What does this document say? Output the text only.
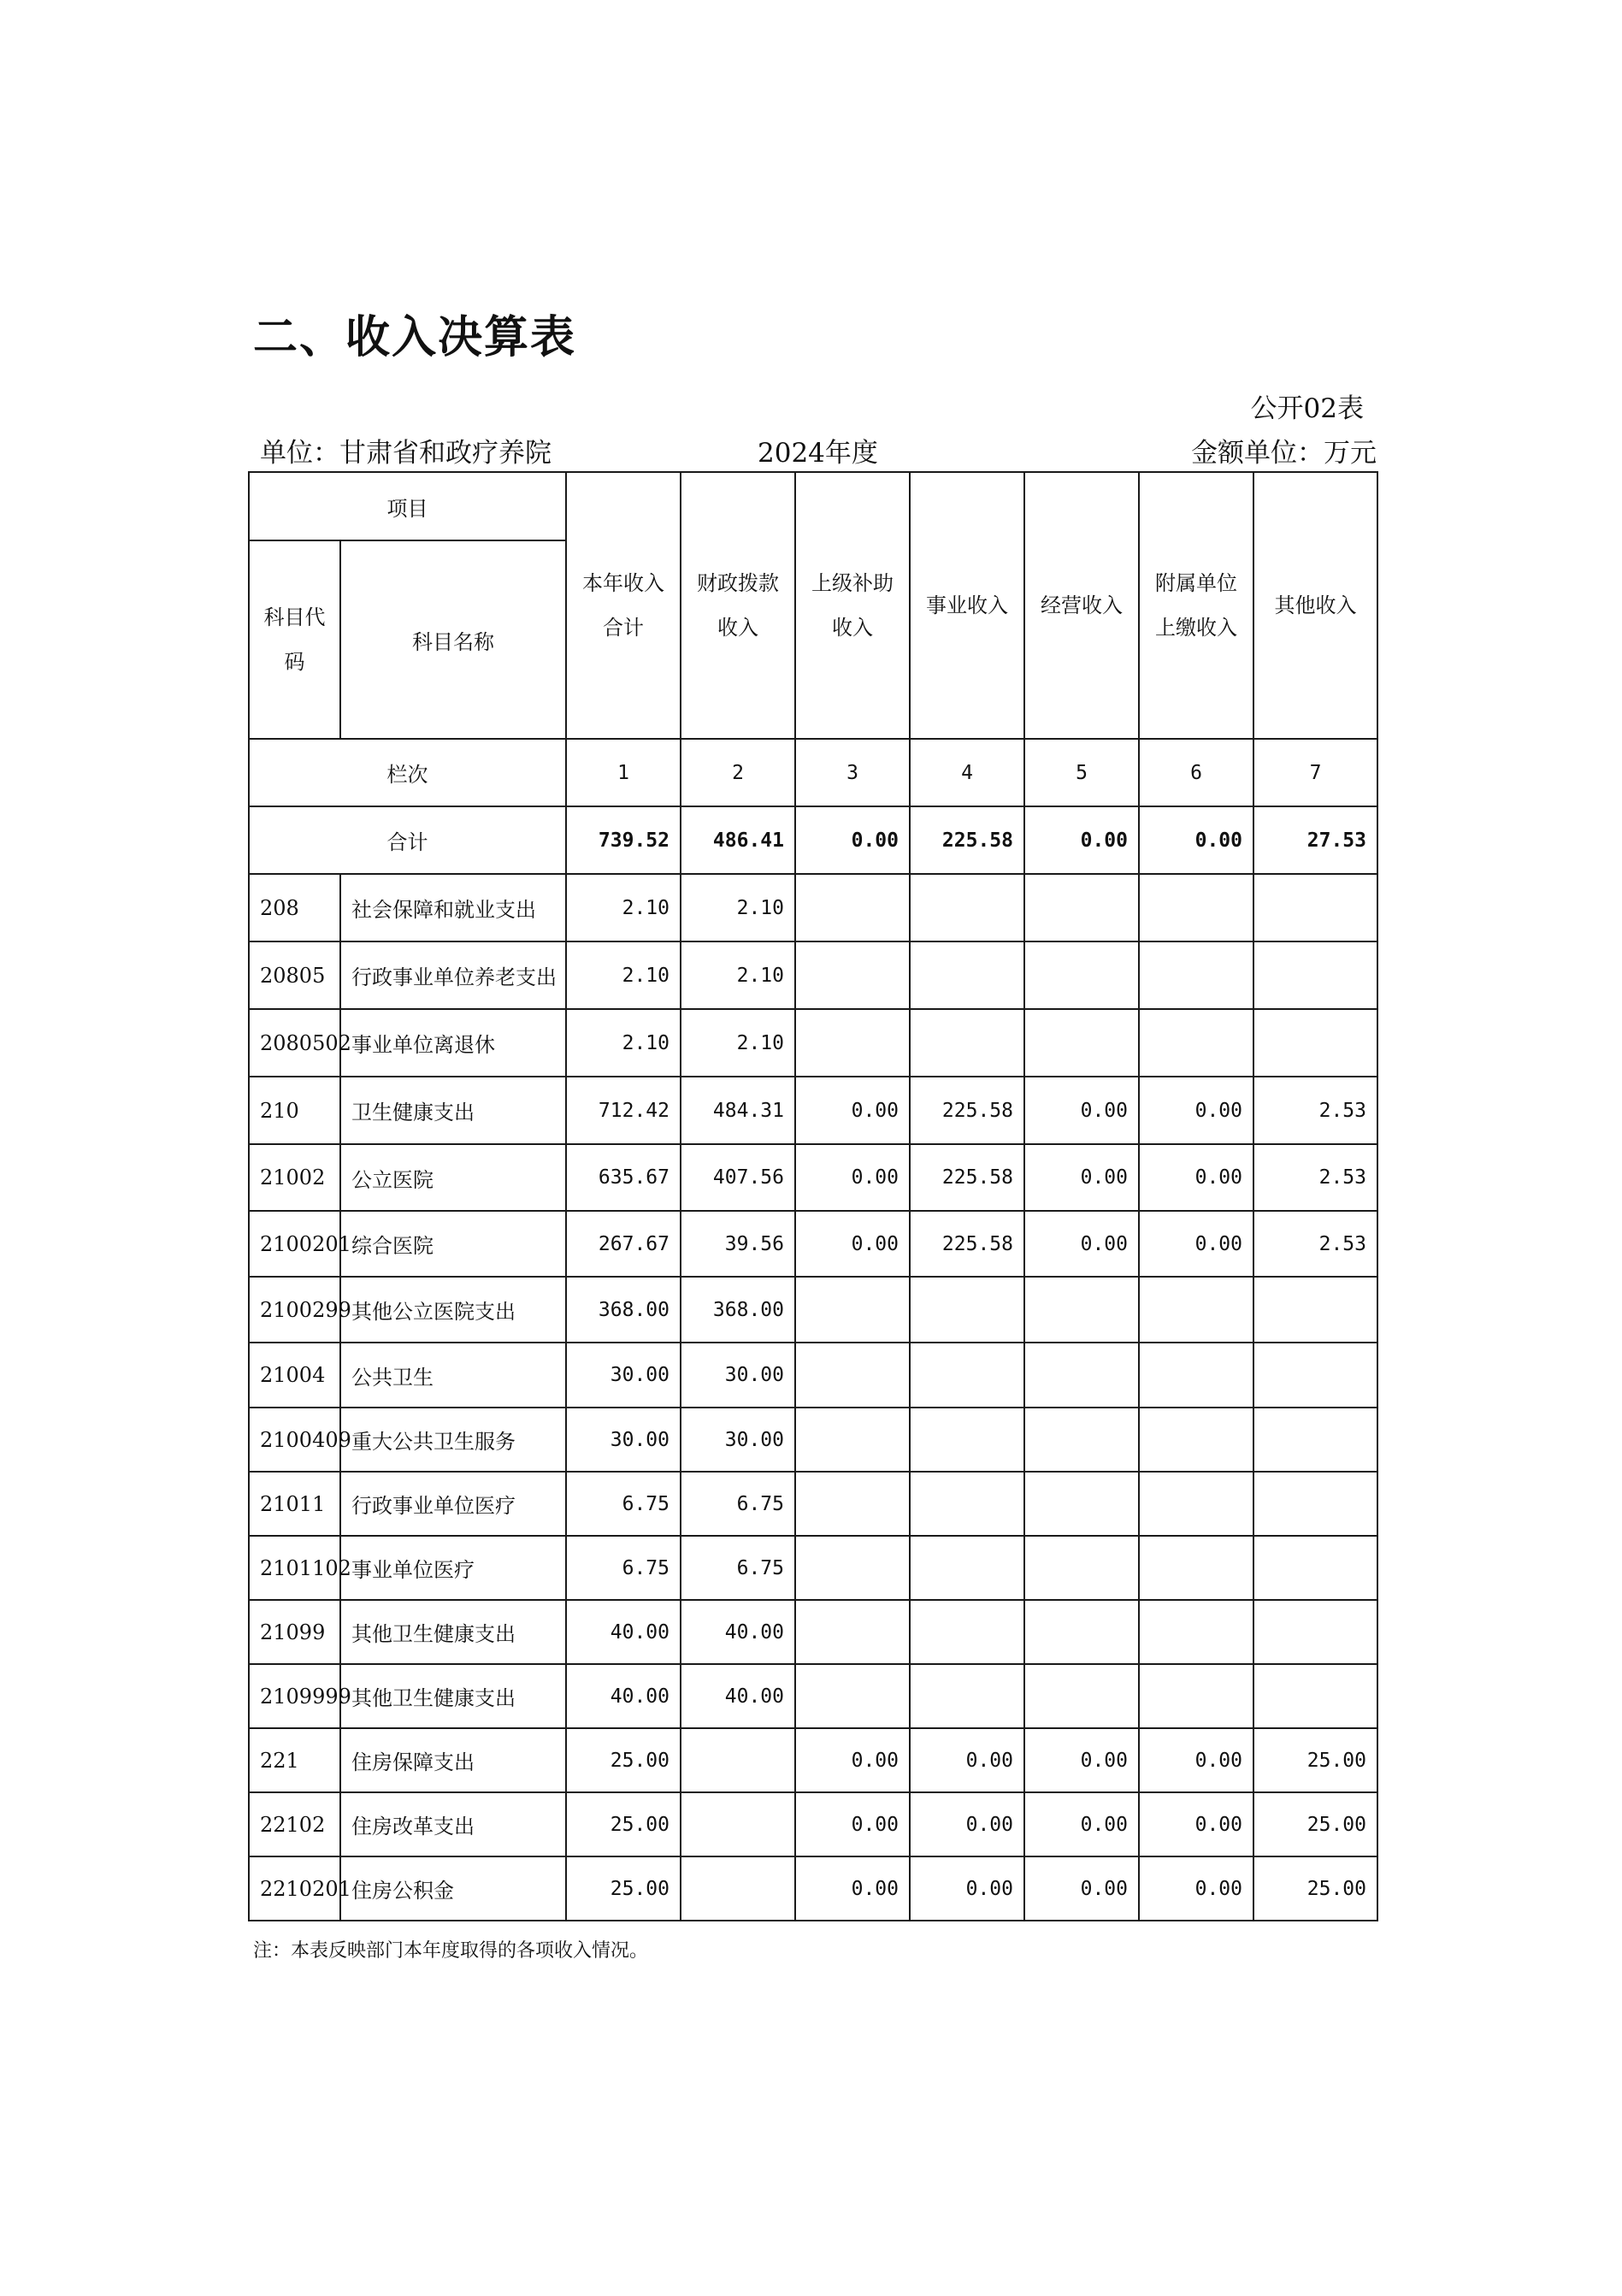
二、收入决算表
公开02表
单位：甘肃省和政疗养院	2024年度	金额单位：万元
项目		本年收入合计	财政拨款收入	上级补助收入	事业收入	经营收入	附属单位上缴收入	其他收入
科目代码	科目名称							
栏次		1	2	3	4	5	6	7
合计		739.52	486.41	0.00	225.58	0.00	0.00	27.53
208	社会保障和就业支出	2.10	2.10					
20805	行政事业单位养老支出	2.10	2.10					
2080502	事业单位离退休	2.10	2.10					
210	卫生健康支出	712.42	484.31	0.00	225.58	0.00	0.00	2.53
21002	公立医院	635.67	407.56	0.00	225.58	0.00	0.00	2.53
2100201	综合医院	267.67	39.56	0.00	225.58	0.00	0.00	2.53
2100299	其他公立医院支出	368.00	368.00					
21004	公共卫生	30.00	30.00					
2100409	重大公共卫生服务	30.00	30.00					
21011	行政事业单位医疗	6.75	6.75					
2101102	事业单位医疗	6.75	6.75					
21099	其他卫生健康支出	40.00	40.00					
2109999	其他卫生健康支出	40.00	40.00					
221	住房保障支出	25.00		0.00	0.00	0.00	0.00	25.00
22102	住房改革支出	25.00		0.00	0.00	0.00	0.00	25.00
2210201	住房公积金	25.00		0.00	0.00	0.00	0.00	25.00
注：本表反映部门本年度取得的各项收入情况。
